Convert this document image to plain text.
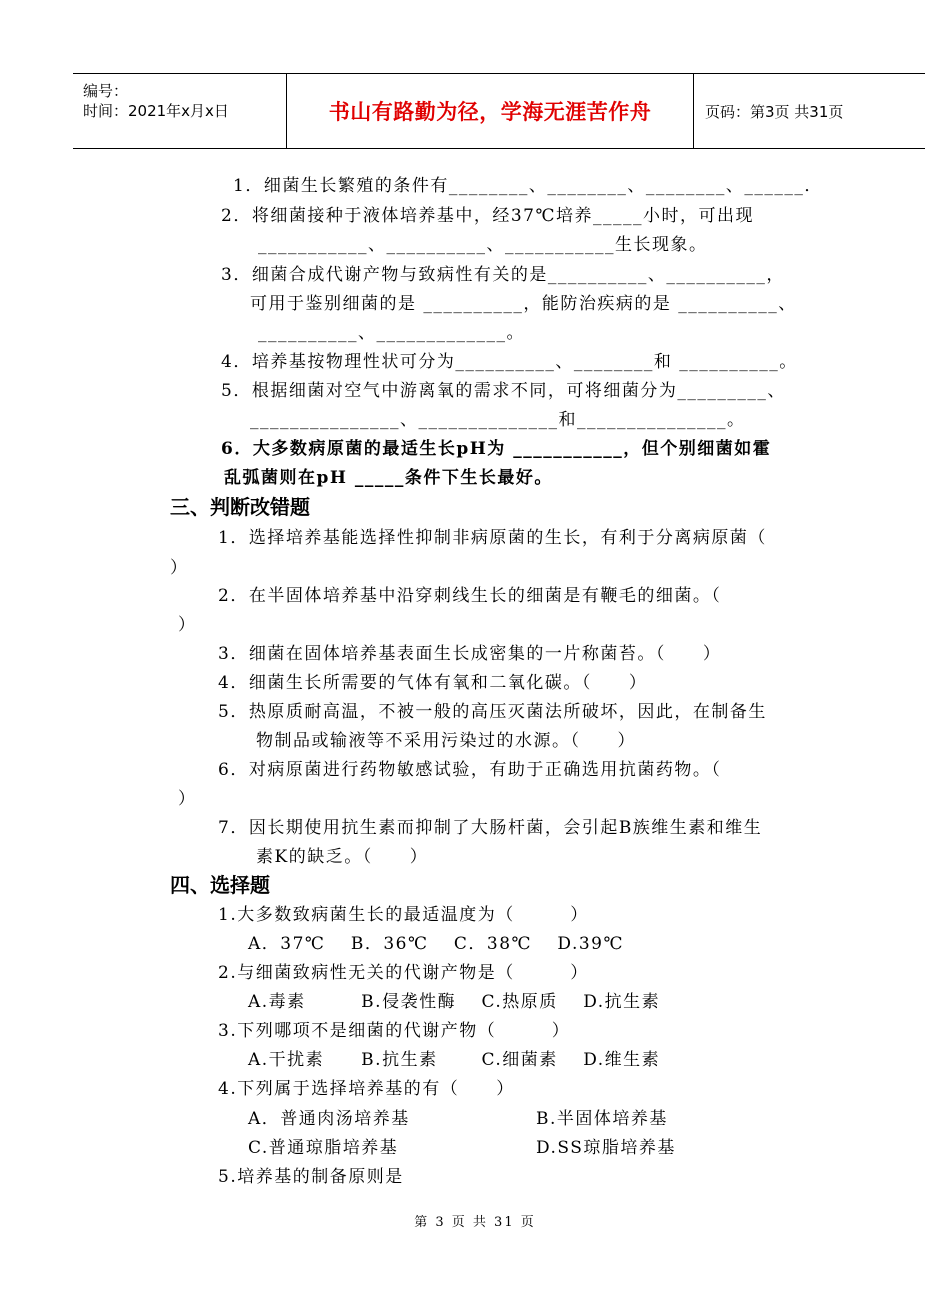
编号：
时间：2021年x月x日	书山有路勤为径，学海无涯苦作舟	页码：第3页 共31页
1．细菌生长繁殖的条件有________、________、________、______．
2．将细菌接种于液体培养基中，经37℃培养_____小时，可出现
___________、__________、___________生长现象。
3．细菌合成代谢产物与致病性有关的是__________、__________，
可用于鉴别细菌的是 __________，能防治疾病的是 __________、
__________、_____________。
4．培养基按物理性状可分为__________、________和 __________。
5．根据细菌对空气中游离氧的需求不同，可将细菌分为_________、
_______________、______________和_______________。
6．大多数病原菌的最适生长pH为 ___________，但个别细菌如霍
乱弧菌则在pH _____条件下生长最好。
三、判断改错题
1．选择培养基能选择性抑制非病原菌的生长，有利于分离病原菌（
）
2．在半固体培养基中沿穿刺线生长的细菌是有鞭毛的细菌。（
）
3．细菌在固体培养基表面生长成密集的一片称菌苔。（　　）
4．细菌生长所需要的气体有氧和二氧化碳。（　　）
5．热原质耐高温，不被一般的高压灭菌法所破坏，因此，在制备生
物制品或输液等不采用污染过的水源。（　　）
6．对病原菌进行药物敏感试验，有助于正确选用抗菌药物。（
）
7．因长期使用抗生素而抑制了大肠杆菌，会引起B族维生素和维生
素K的缺乏。（　　）
四、选择题
1.大多数致病菌生长的最适温度为（　　　）
A．37℃　 B．36℃　 C．38℃　 D.39℃
2.与细菌致病性无关的代谢产物是（　　　）
A.毒素　　　B.侵袭性酶　 C.热原质　 D.抗生素
3.下列哪项不是细菌的代谢产物（　　　）
A.干扰素　　B.抗生素　　 C.细菌素　 D.维生素
4.下列属于选择培养基的有（　　）
A．普通肉汤培养基	B.半固体培养基
C.普通琼脂培养基	D.SS琼脂培养基
5.培养基的制备原则是
第 3 页 共 31 页
